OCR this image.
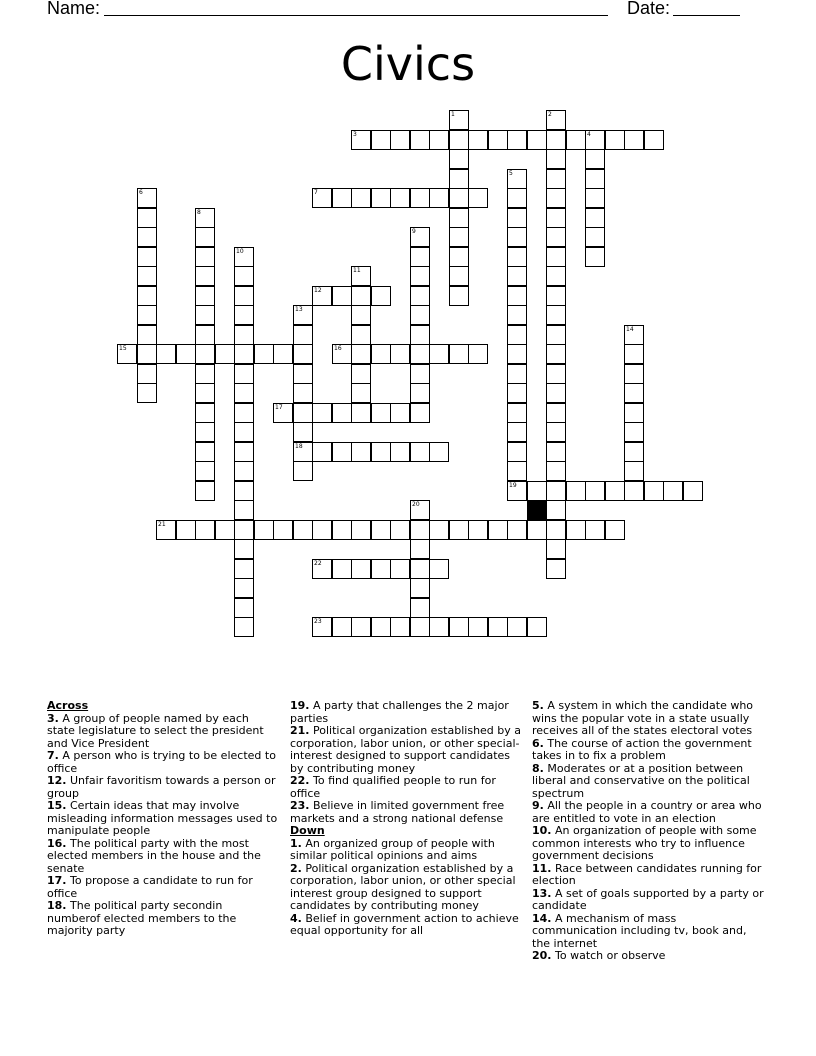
Name:	Date:
Civics
1	2
3	4
5
6	7
8
9
10
11
12
13
18
14
15	16
17
19
20
21
22
23
Across
3. A group of people named by each state legislature to select the president and Vice President
7. A person who is trying to be elected to office
12. Unfair favoritism towards a person or group
15. Certain ideas that may involve misleading information messages used to manipulate people
16. The political party with the most elected members in the house and the senate
17. To propose a candidate to run for office
18. The political party secondin numberof elected members to the majority party
19. A party that challenges the 2 major parties
21. Political organization established by a corporation, labor union, or other special-interest designed to support candidates by contributing money
22. To find qualified people to run for office
23. Believe in limited government free markets and a strong national defense
Down
1. An organized group of people with similar political opinions and aims
2. Political organization established by a corporation, labor union, or other special interest group designed to support candidates by contributing money
4. Belief in government action to achieve equal opportunity for all
5. A system in which the candidate who wins the popular vote in a state usually receives all of the states electoral votes
6. The course of action the government takes in to fix a problem
8. Moderates or at a position between liberal and conservative on the political spectrum
9. All the people in a country or area who are entitled to vote in an election
10. An organization of people with some common interests who try to influence government decisions
11. Race between candidates running for election
13. A set of goals supported by a party or candidate
14. A mechanism of mass communication including tv, book and, the internet
20. To watch or observe
